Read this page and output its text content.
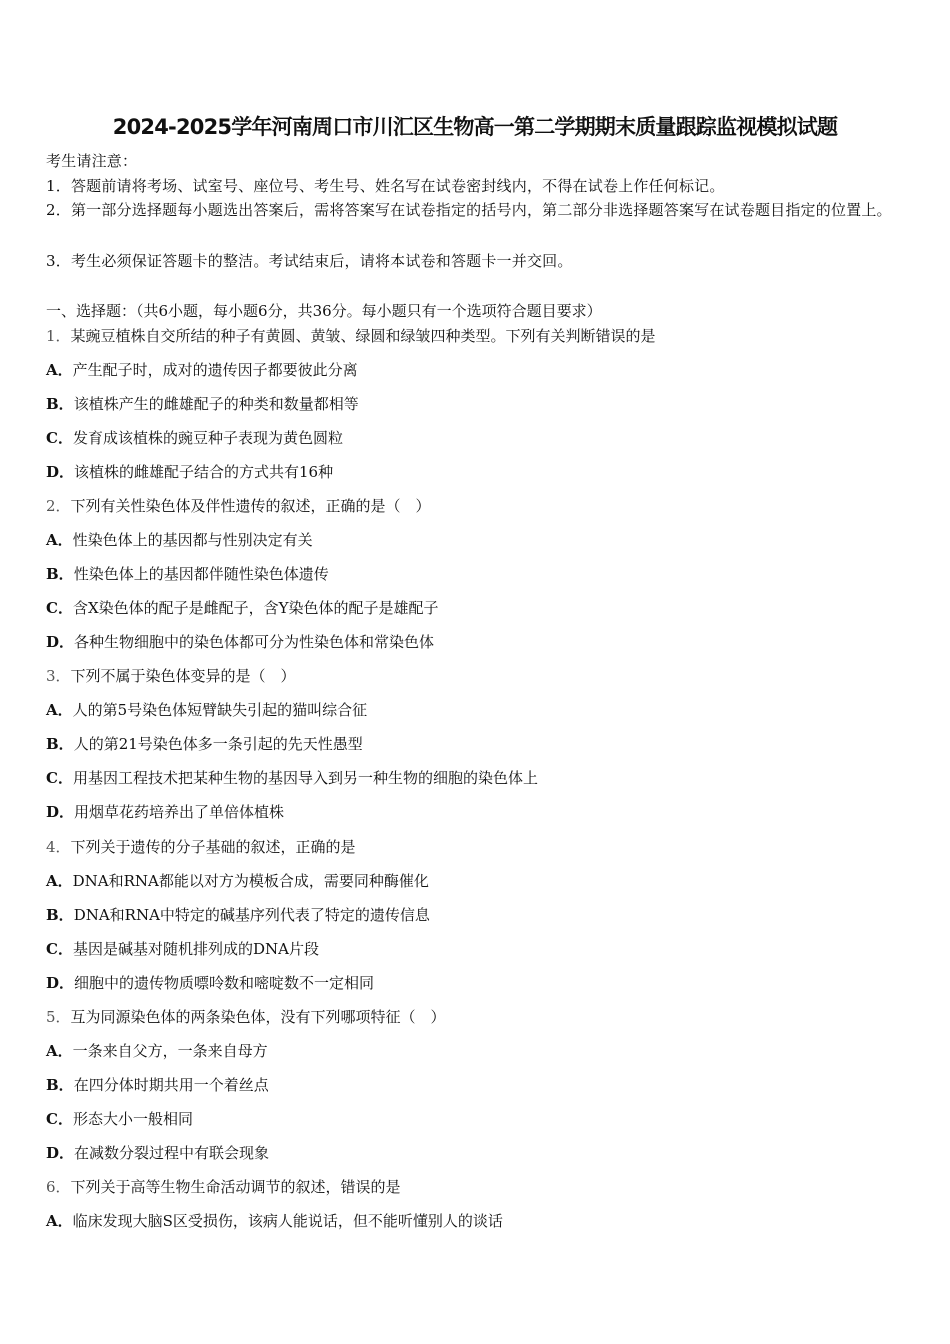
2024-2025学年河南周口市川汇区生物高一第二学期期末质量跟踪监视模拟试题
考生请注意：
1．答题前请将考场、试室号、座位号、考生号、姓名写在试卷密封线内，不得在试卷上作任何标记。
2．第一部分选择题每小题选出答案后，需将答案写在试卷指定的括号内，第二部分非选择题答案写在试卷题目指定的位置上。
3．考生必须保证答题卡的整洁。考试结束后，请将本试卷和答题卡一并交回。
一、选择题：（共6小题，每小题6分，共36分。每小题只有一个选项符合题目要求）
1．某豌豆植株自交所结的种子有黄圆、黄皱、绿圆和绿皱四种类型。下列有关判断错误的是
A．产生配子时，成对的遗传因子都要彼此分离
B．该植株产生的雌雄配子的种类和数量都相等
C．发育成该植株的豌豆种子表现为黄色圆粒
D．该植株的雌雄配子结合的方式共有16种
2．下列有关性染色体及伴性遗传的叙述，正确的是（　）
A．性染色体上的基因都与性别决定有关
B．性染色体上的基因都伴随性染色体遗传
C．含X染色体的配子是雌配子，含Y染色体的配子是雄配子
D．各种生物细胞中的染色体都可分为性染色体和常染色体
3．下列不属于染色体变异的是（　）
A．人的第5号染色体短臂缺失引起的猫叫综合征
B．人的第21号染色体多一条引起的先天性愚型
C．用基因工程技术把某种生物的基因导入到另一种生物的细胞的染色体上
D．用烟草花药培养出了单倍体植株
4．下列关于遗传的分子基础的叙述，正确的是
A．DNA和RNA都能以对方为模板合成，需要同种酶催化
B．DNA和RNA中特定的碱基序列代表了特定的遗传信息
C．基因是碱基对随机排列成的DNA片段
D．细胞中的遗传物质嘌呤数和嘧啶数不一定相同
5．互为同源染色体的两条染色体，没有下列哪项特征（　）
A．一条来自父方，一条来自母方
B．在四分体时期共用一个着丝点
C．形态大小一般相同
D．在减数分裂过程中有联会现象
6．下列关于高等生物生命活动调节的叙述，错误的是
A．临床发现大脑S区受损伤，该病人能说话，但不能听懂别人的谈话
